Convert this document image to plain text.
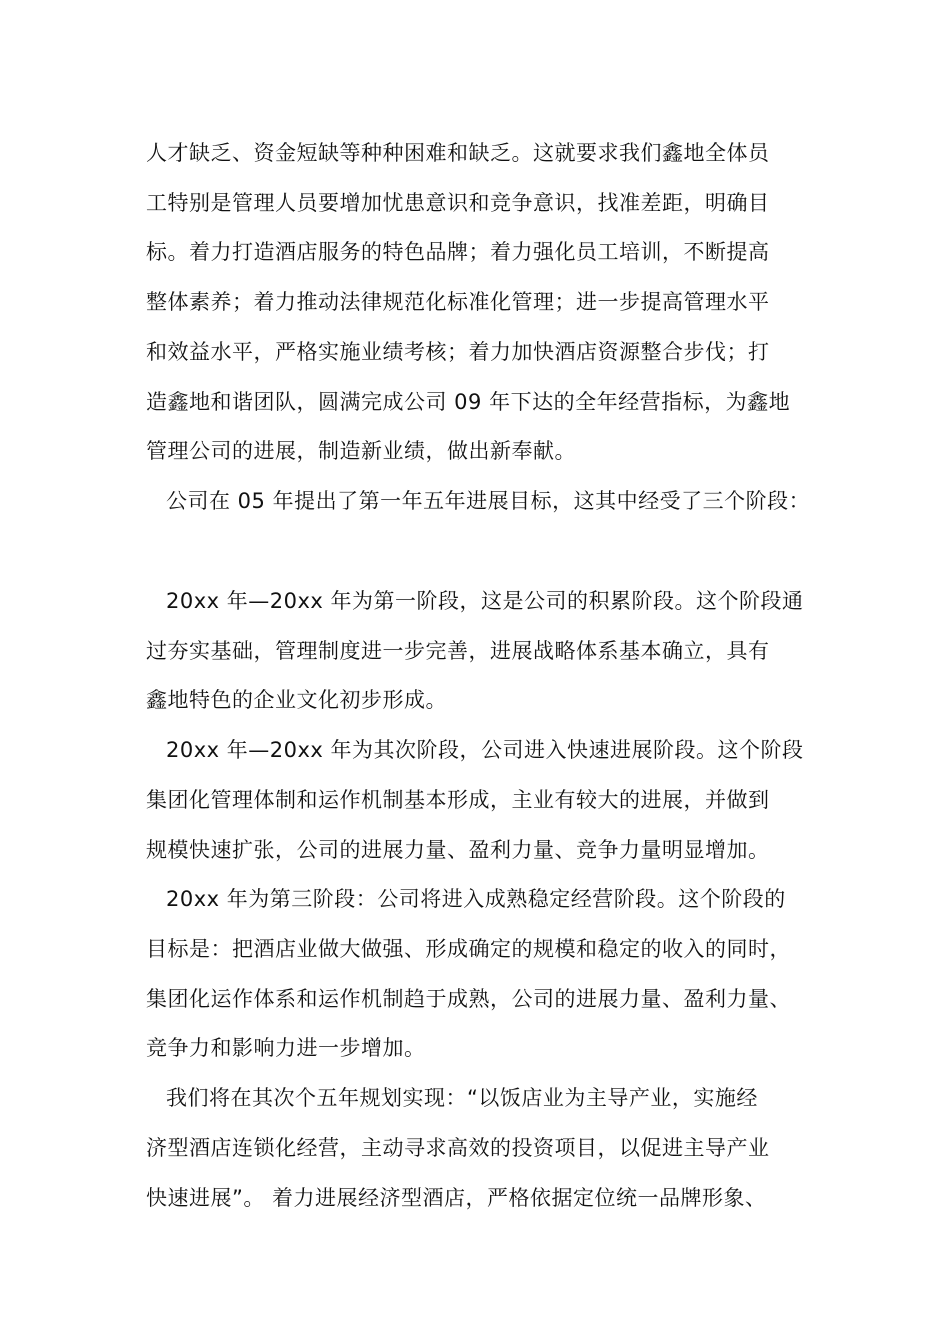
人才缺乏、资金短缺等种种困难和缺乏。这就要求我们鑫地全体员
工特别是管理人员要增加忧患意识和竞争意识，找准差距，明确目
标。着力打造酒店服务的特色品牌；着力强化员工培训，不断提高
整体素养；着力推动法律规范化标准化管理；进一步提高管理水平
和效益水平，严格实施业绩考核；着力加快酒店资源整合步伐；打
造鑫地和谐团队，圆满完成公司 09 年下达的全年经营指标，为鑫地
管理公司的进展，制造新业绩，做出新奉献。
公司在 05 年提出了第一年五年进展目标，这其中经受了三个阶段：
20xx 年—20xx 年为第一阶段，这是公司的积累阶段。这个阶段通
过夯实基础，管理制度进一步完善，进展战略体系基本确立，具有
鑫地特色的企业文化初步形成。
20xx 年—20xx 年为其次阶段，公司进入快速进展阶段。这个阶段
集团化管理体制和运作机制基本形成，主业有较大的进展，并做到
规模快速扩张，公司的进展力量、盈利力量、竞争力量明显增加。
20xx 年为第三阶段：公司将进入成熟稳定经营阶段。这个阶段的
目标是：把酒店业做大做强、形成确定的规模和稳定的收入的同时，
集团化运作体系和运作机制趋于成熟，公司的进展力量、盈利力量、
竞争力和影响力进一步增加。
我们将在其次个五年规划实现：“以饭店业为主导产业，实施经
济型酒店连锁化经营，主动寻求高效的投资项目，以促进主导产业
快速进展”。 着力进展经济型酒店，严格依据定位统一品牌形象、
